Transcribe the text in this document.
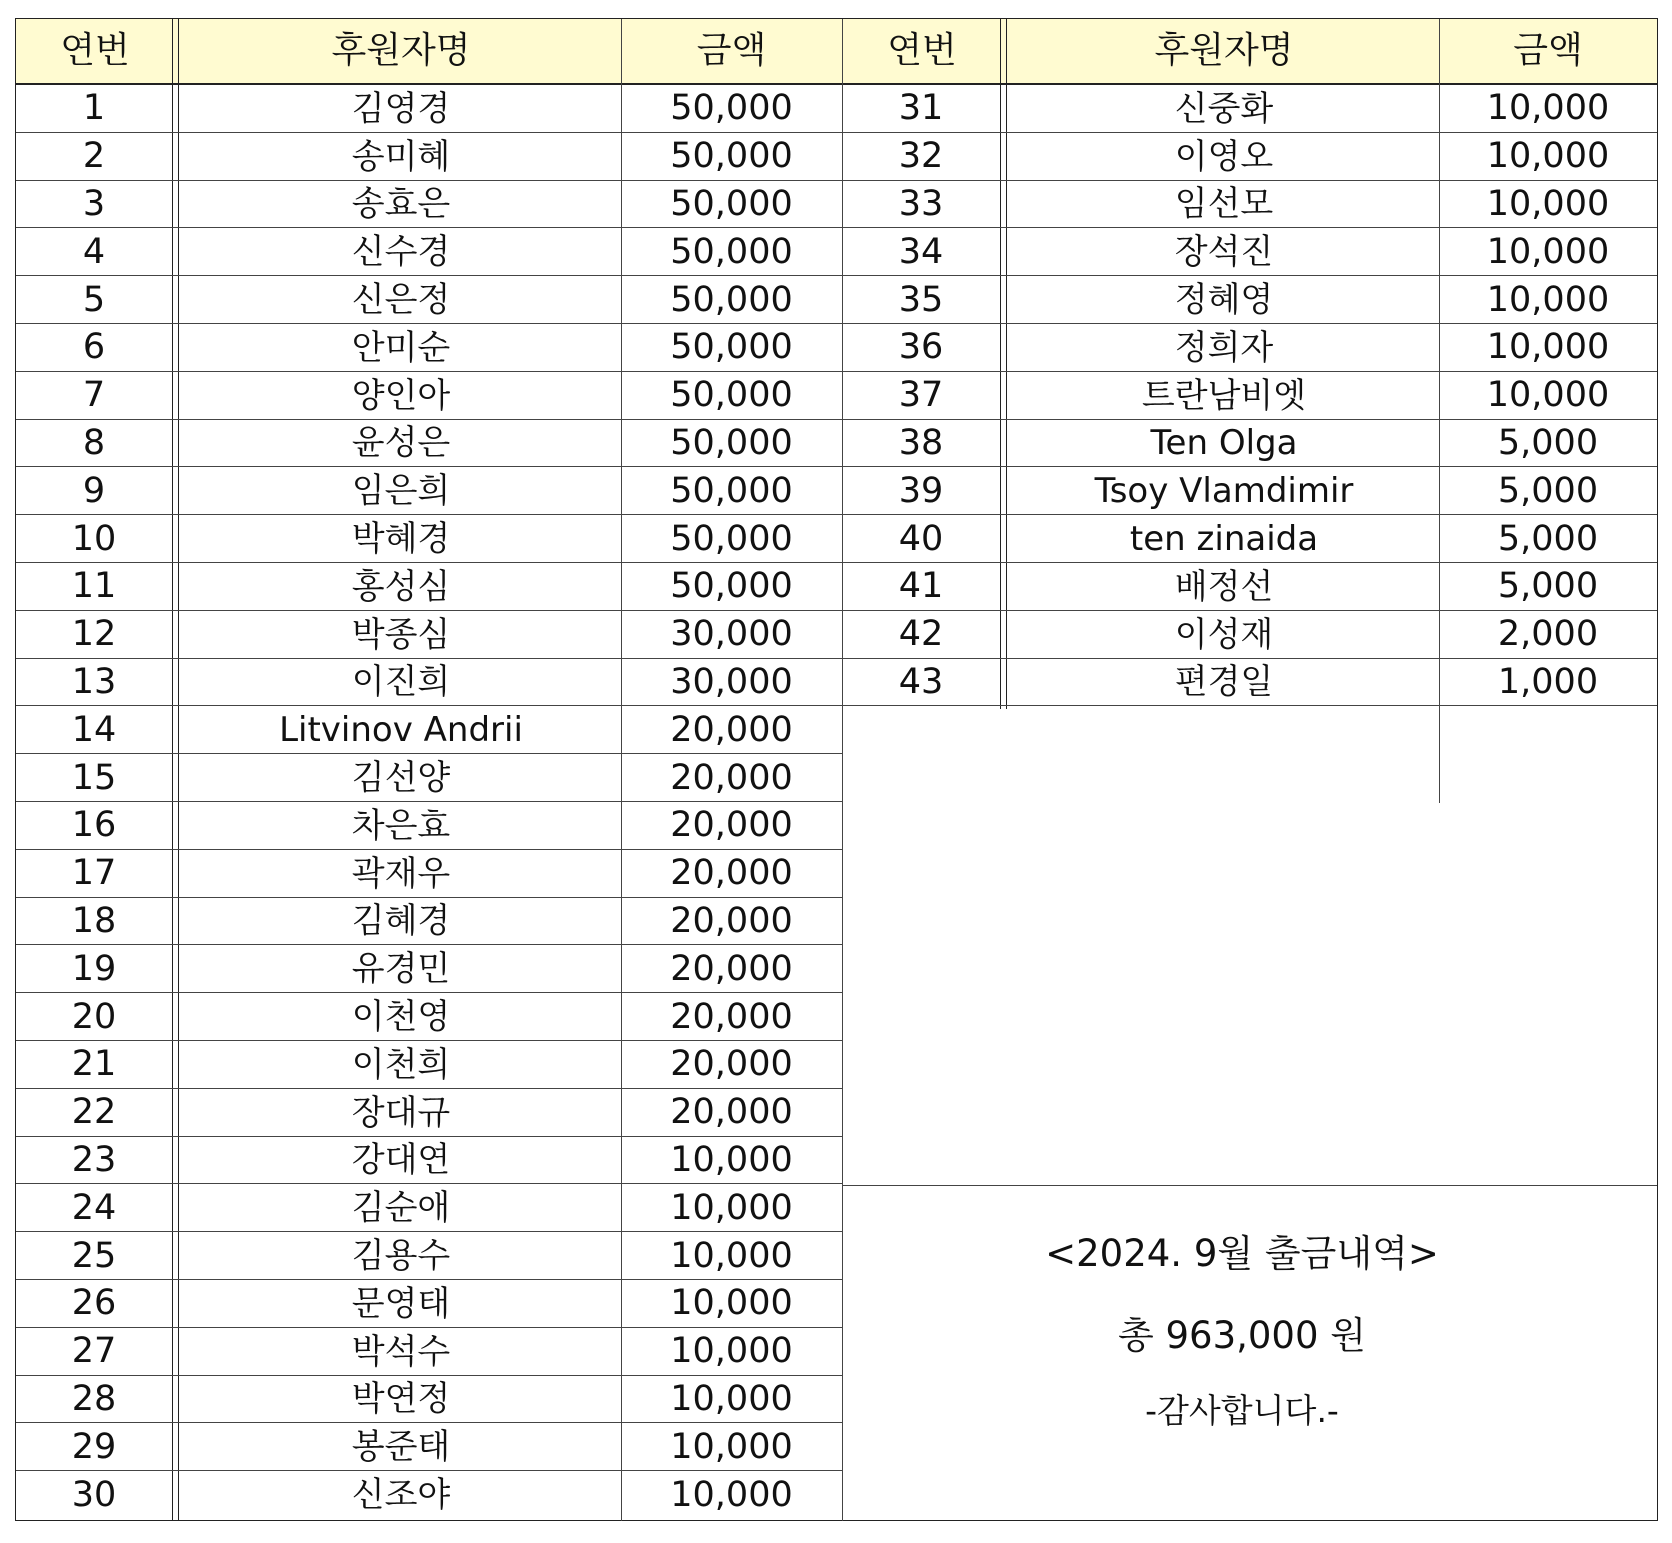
연번	후원자명	금액	연번	후원자명	금액
1	김영경	50,000
2	송미혜	50,000
3	송효은	50,000
4	신수경	50,000
5	신은정	50,000
6	안미순	50,000
7	양인아	50,000
8	윤성은	50,000
9	임은희	50,000
10	박혜경	50,000
11	홍성심	50,000
12	박종심	30,000
13	이진희	30,000
14	Litvinov Andrii	20,000
15	김선양	20,000
16	차은효	20,000
17	곽재우	20,000
18	김혜경	20,000
19	유경민	20,000
20	이천영	20,000
21	이천희	20,000
22	장대규	20,000
23	강대연	10,000
24	김순애	10,000
25	김용수	10,000
26	문영태	10,000
27	박석수	10,000
28	박연정	10,000
29	봉준태	10,000
30	신조야	10,000
31	신중화	10,000
32	이영오	10,000
33	임선모	10,000
34	장석진	10,000
35	정혜영	10,000
36	정희자	10,000
37	트란남비엣	10,000
38	Ten Olga	5,000
39	Tsoy Vlamdimir	5,000
40	ten zinaida	5,000
41	배정선	5,000
42	이성재	2,000
43	편경일	1,000
<2024. 9월 출금내역>
총 963,000 원
-감사합니다.-
